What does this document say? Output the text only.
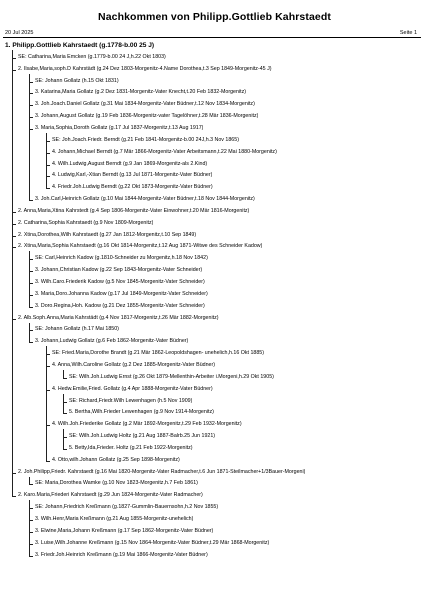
Nachkommen von Philipp.Gottlieb Kahrstaedt
20 Jul 2025	Seite 1
1. Philipp.Gottlieb Kahrstaedt (g.1778-b.00 25 J)
SE: Catharina,Maria Emcken (g.1779-b.00 24 J,h.22 Okt 1803)
2. Ilsabe,Maria,soph.D Kahrstädt (g.24 Dez 1803-Morgenitz-4.Name Dorothea,t.3 Sep 1849-Morgenitz-45 J)
SE: Johann Gollatz (h.15 Okt 1831)
3. Katarina,Maria Gollatz (g.2 Dez 1831-Morgenitz-Vater Knecht,t.20 Feb 1832-Morgenitz)
3. Joh.Joach.Daniel Gollatz (g.31 Mai 1834-Morgenitz-Vater Büdner,t.12 Nov 1834-Morgenitz)
3. Johann,August Gollatz (g.19 Feb 1836-Morgenitz-vater Tagelöhner,t.28 Mär 1836-Morgenitz)
3. Maria,Sophia,Doroth Gollatz (g.17 Jul 1837-Morgenitz,t.13 Aug 1917)
SE: Joh.Joach.Friedr. Berndt (g.21 Feb 1841-Morgenitz-b.00 24J,h.3 Nov 1865)
4. Johann,Michael Berndt (g.7 Mär 1866-Morgenitz-Vater Arbeitsmann,t.22 Mai 1880-Morgenitz)
4. Wilh.Ludwig,August Berndt (g.9 Jan 1869-Morgenitz-als 2.Kind)
4. Ludwig,Karl,-Xtian Berndt (g.13 Jul 1871-Morgenitz-Vater Büdner)
4. Friedr.Joh.Ludwig Berndt (g.22 Okt 1873-Morgenitz-Vater Büdner)
3. Joh.Carl,Heinrich Gollatz (g.10 Mai 1844-Morgenitz-Vater Büdner,t.18 Nov 1844-Morgenitz)
2. Anna,Maria,Xtina Kahrstedt (g.4 Sep 1806-Morgenitz-Vater Einwohner,t.20 Mär 1816-Morgenitz)
2. Catharina,Sophia Kahrstaedt (g.9 Nov 1809-Morgenitz)
2. Xtina,Dorothea,Wilh Kahrstaedt (g.27 Jan 1812-Morgenitz,t.10 Sep 1849)
2. Xtina,Maria,Sophia Kahrstaedt (g.16 Okt 1814-Morgenitz,t.12 Aug 1871-Witwe des Schneider Kadow)
SE: Carl,Heinrich Kadow (g.1810-Schneider zu Morgenitz,h.18 Nov 1842)
3. Johann,Christian Kadow (g.22 Sep 1843-Morgenitz-Vater Schneider)
3. Wilh.Caro.Friederik Kadow (g.5 Nov 1845-Morgenitz-Vater Schneider)
3. Maria,Doro.Johanna Kadow (g.17 Jul 1849-Morgenitz-Vater Schneider)
3. Doro.Regina,Hoh. Kadow (g.21 Dez 1855-Morgenitz-Vater Schneider)
2. Alb.Soph.Anna,Maria Kahrstädt (g.4 Nov 1817-Morgenitz,t.26 Mär 1882-Morgenitz)
SE: Johann Gollatz (h.17 Mai 1850)
3. Johann,Ludwig Gollatz (g.6 Feb 1862-Morgenitz-Vater Büdner)
SE: Fried.Maria,Dorothe Brandt (g.21 Mär 1862-Leopoldshagen- unehelich,h.16 Okt 1885)
4. Anna,Wilh.Caroline Gollatz (g.2 Dez 1885-Morgenitz-Vater Büdner)
SE: Wilh.Joh.Ludwig Ernst (g.26 Okt 1879-Mellenthin-Arbeiter i.Morgeni,h.29 Okt 1905)
4. Hedw.Emilie,Fried. Gollatz (g.4 Apr 1888-Morgenitz-Vater Büdner)
SE: Richard,Friedr.Wilh Lewenhagen (h.5 Nov 1909)
5. Bertha,Wilh.Frieder Lewenhagen (g.9 Nov 1914-Morgenitz)
4. Wilh.Joh.Friederike Gollatz (g.2 Mär 1892-Morgenitz,t.29 Feb 1932-Morgenitz)
SE: Wilh.Joh.Ludwig Holtz (g.21 Aug 1887-Balrb.25 Jun 1921)
5. Betty,Ida,Frieder. Holtz (g.21 Feb 1922-Morgenitz)
4. Otto,wilh.Johann Gollatz (g.25 Sep 1898-Morgenitz)
2. Joh.Philipp,Friedr. Kahrstaedt (g.16 Mai 1820-Morgenitz-Vater Radmacher,t.6 Jun 1871-Steilmacher+1/3Bauer-Morgeni)
SE: Maria,Dorothea Wamke (g.10 Nov 1823-Morgenitz,h.7 Feb 1861)
2. Karo.Maria,Friederi Kahrstaedt (g.29 Jun 1824-Morgenitz-Vater Radmacher)
SE: Johann,Friedrich Kreßmann (g.1827-Gummlin-Bauernsohn,h.2 Nov 1855)
3. Wilh.Henr,Maria Kreßmann (g.21 Aug 1855-Morgenitz-unehelich)
3. Elwine,Maria,Johann Kreßmann (g.17 Sep 1862-Morgenitz-Vater Büdner)
3. Luise,Wilh.Johanne Kreßmann (g.15 Nov 1864-Morgenitz-Vater Büdner,t.29 Mär 1868-Morgenitz)
3. Friedr.Joh.Heinrich Kreßmann (g.19 Mai 1866-Morgenitz-Vater Büdner)
